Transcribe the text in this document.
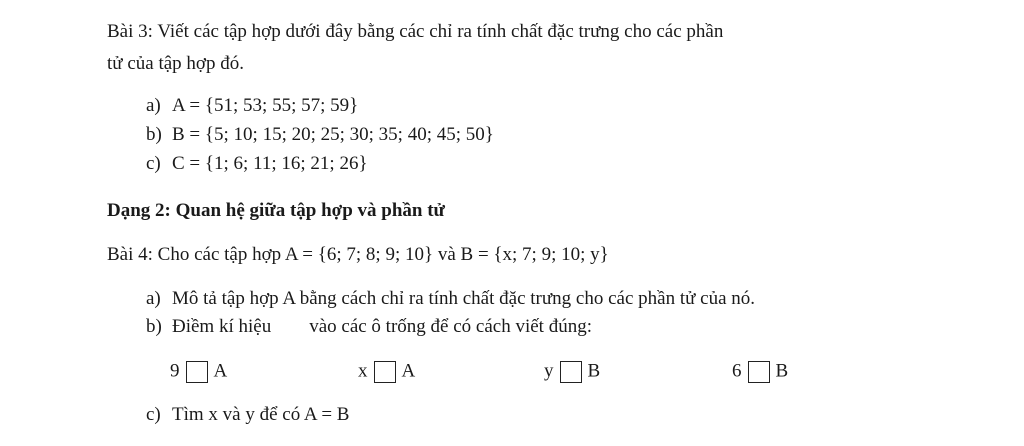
Bài 3: Viết các tập hợp dưới đây bằng các chỉ ra tính chất đặc trưng cho các phần
tử của tập hợp đó.
a) A = {51; 53; 55; 57; 59}
b) B = {5; 10; 15; 20; 25; 30; 35; 40; 45; 50}
c) C = {1; 6; 11; 16; 21; 26}
Dạng 2: Quan hệ giữa tập hợp và phần tử
Bài 4: Cho các tập hợp A = {6; 7; 8; 9; 10} và B = {x; 7; 9; 10; y}
a) Mô tả tập hợp A bằng cách chỉ ra tính chất đặc trưng cho các phần tử của nó.
b) Điềm kí hiệu vào các ô trống để có cách viết đúng:
9 A	x A	y B	6 B
c) Tìm x và y để có A = B
